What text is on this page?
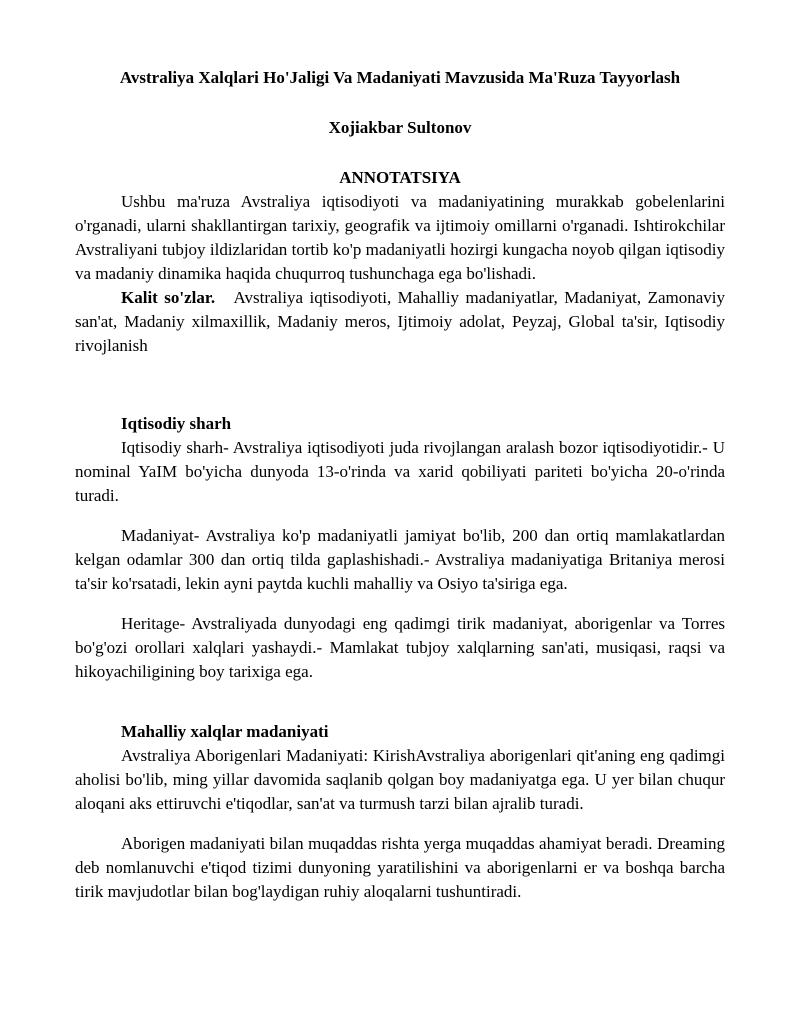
Avstraliya Xalqlari Ho'Jaligi Va Madaniyati Mavzusida Ma'Ruza Tayyorlash
Xojiakbar Sultonov
ANNOTATSIYA

Ushbu ma'ruza Avstraliya iqtisodiyoti va madaniyatining murakkab gobelenlarini o'rganadi, ularni shakllantirgan tarixiy, geografik va ijtimoiy omillarni o'rganadi. Ishtirokchilar Avstraliyani tubjoy ildizlaridan tortib ko'p madaniyatli hozirgi kungacha noyob qilgan iqtisodiy va madaniy dinamika haqida chuqurroq tushunchaga ega bo'lishadi.

Kalit so'zlar. Avstraliya iqtisodiyoti, Mahalliy madaniyatlar, Madaniyat, Zamonaviy san'at, Madaniy xilmaxillik, Madaniy meros, Ijtimoiy adolat, Peyzaj, Global ta'sir, Iqtisodiy rivojlanish

Iqtisodiy sharh

Iqtisodiy sharh- Avstraliya iqtisodiyoti juda rivojlangan aralash bozor iqtisodiyotidir.- U nominal YaIM bo'yicha dunyoda 13-o'rinda va xarid qobiliyati pariteti bo'yicha 20-o'rinda turadi.

Madaniyat- Avstraliya ko'p madaniyatli jamiyat bo'lib, 200 dan ortiq mamlakatlardan kelgan odamlar 300 dan ortiq tilda gaplashishadi.- Avstraliya madaniyatiga Britaniya merosi ta'sir ko'rsatadi, lekin ayni paytda kuchli mahalliy va Osiyo ta'siriga ega.

Heritage- Avstraliyada dunyodagi eng qadimgi tirik madaniyat, aborigenlar va Torres bo'g'ozi orollari xalqlari yashaydi.- Mamlakat tubjoy xalqlarning san'ati, musiqasi, raqsi va hikoyachiligining boy tarixiga ega.

Mahalliy xalqlar madaniyati

Avstraliya Aborigenlari Madaniyati: KirishAvstraliya aborigenlari qit'aning eng qadimgi aholisi bo'lib, ming yillar davomida saqlanib qolgan boy madaniyatga ega. U yer bilan chuqur aloqani aks ettiruvchi e'tiqodlar, san'at va turmush tarzi bilan ajralib turadi.

Aborigen madaniyati bilan muqaddas rishta yerga muqaddas ahamiyat beradi. Dreaming deb nomlanuvchi e'tiqod tizimi dunyoning yaratilishini va aborigenlarni er va boshqa barcha tirik mavjudotlar bilan bog'laydigan ruhiy aloqalarni tushuntiradi.
